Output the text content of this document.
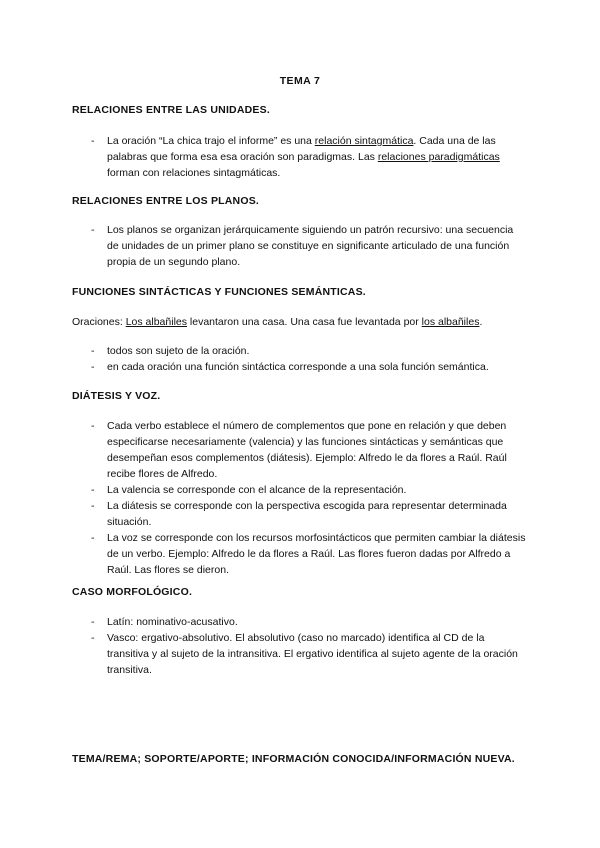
TEMA 7
RELACIONES ENTRE LAS UNIDADES.
- La oración “La chica trajo el informe” es una relación sintagmática. Cada una de las palabras que forma esa esa oración son paradigmas. Las relaciones paradigmáticas forman con relaciones sintagmáticas.
RELACIONES ENTRE LOS PLANOS.
- Los planos se organizan jerárquicamente siguiendo un patrón recursivo: una secuencia de unidades de un primer plano se constituye en significante articulado de una función propia de un segundo plano.
FUNCIONES SINTÁCTICAS Y FUNCIONES SEMÁNTICAS.
Oraciones: Los albañiles levantaron una casa. Una casa fue levantada por los albañiles.
- todos son sujeto de la oración.
- en cada oración una función sintáctica corresponde a una sola función semántica.
DIÁTESIS Y VOZ.
- Cada verbo establece el número de complementos que pone en relación y que deben especificarse necesariamente (valencia) y las funciones sintácticas y semánticas que desempeñan esos complementos (diátesis). Ejemplo: Alfredo le da flores a Raúl. Raúl recibe flores de Alfredo.
- La valencia se corresponde con el alcance de la representación.
- La diátesis se corresponde con la perspectiva escogida para representar determinada situación.
- La voz se corresponde con los recursos morfosintácticos que permiten cambiar la diátesis de un verbo. Ejemplo: Alfredo le da flores a Raúl. Las flores fueron dadas por Alfredo a Raúl. Las flores se dieron.
CASO MORFOLÓGICO.
- Latín: nominativo-acusativo.
- Vasco: ergativo-absolutivo. El absolutivo (caso no marcado) identifica al CD de la transitiva y al sujeto de la intransitiva. El ergativo identifica al sujeto agente de la oración transitiva.
TEMA/REMA; SOPORTE/APORTE; INFORMACIÓN CONOCIDA/INFORMACIÓN NUEVA.
